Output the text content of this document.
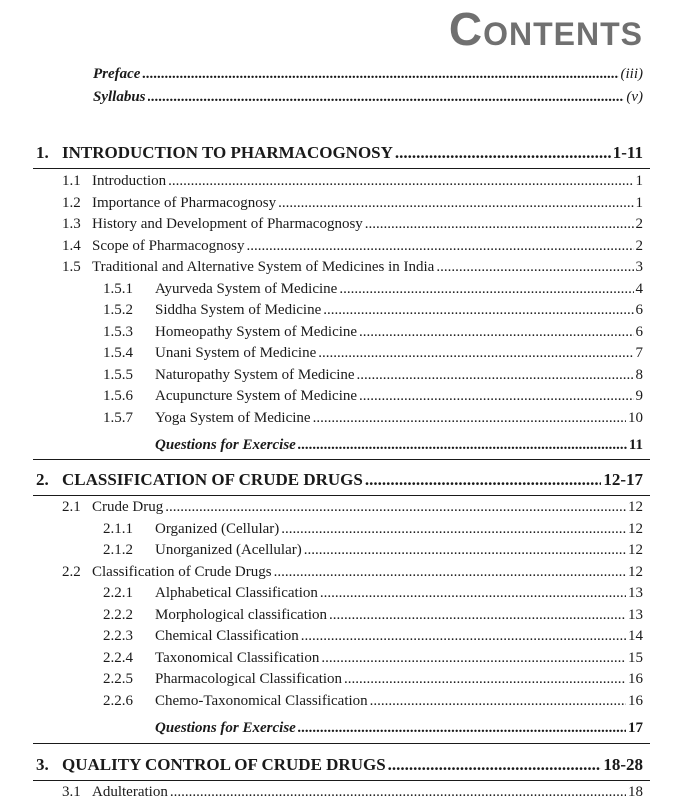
Contents
Preface .....	(iii)
Syllabus .....	(v)
1. INTRODUCTION TO PHARMACOGNOSY .....	1-11
1.1 Introduction .....	1
1.2 Importance of Pharmacognosy .....	1
1.3 History and Development of Pharmacognosy .....	2
1.4 Scope of Pharmacognosy .....	2
1.5 Traditional and Alternative System of Medicines in India .....	3
1.5.1	Ayurveda System of Medicine .....	4
1.5.2	Siddha System of Medicine .....	6
1.5.3	Homeopathy System of Medicine .....	6
1.5.4	Unani System of Medicine .....	7
1.5.5	Naturopathy System of Medicine .....	8
1.5.6	Acupuncture System of Medicine .....	9
1.5.7	Yoga System of Medicine .....	10
Questions for Exercise .....	11
2. CLASSIFICATION OF CRUDE DRUGS .....	12-17
2.1 Crude Drug .....	12
2.1.1	Organized (Cellular) .....	12
2.1.2	Unorganized (Acellular) .....	12
2.2 Classification of Crude Drugs .....	12
2.2.1	Alphabetical Classification .....	13
2.2.2	Morphological classification .....	13
2.2.3	Chemical Classification .....	14
2.2.4	Taxonomical Classification .....	15
2.2.5	Pharmacological Classification .....	16
2.2.6	Chemo-Taxonomical Classification .....	16
Questions for Exercise .....	17
3. QUALITY CONTROL OF CRUDE DRUGS .....	18-28
3.1 Adulteration .....	18
